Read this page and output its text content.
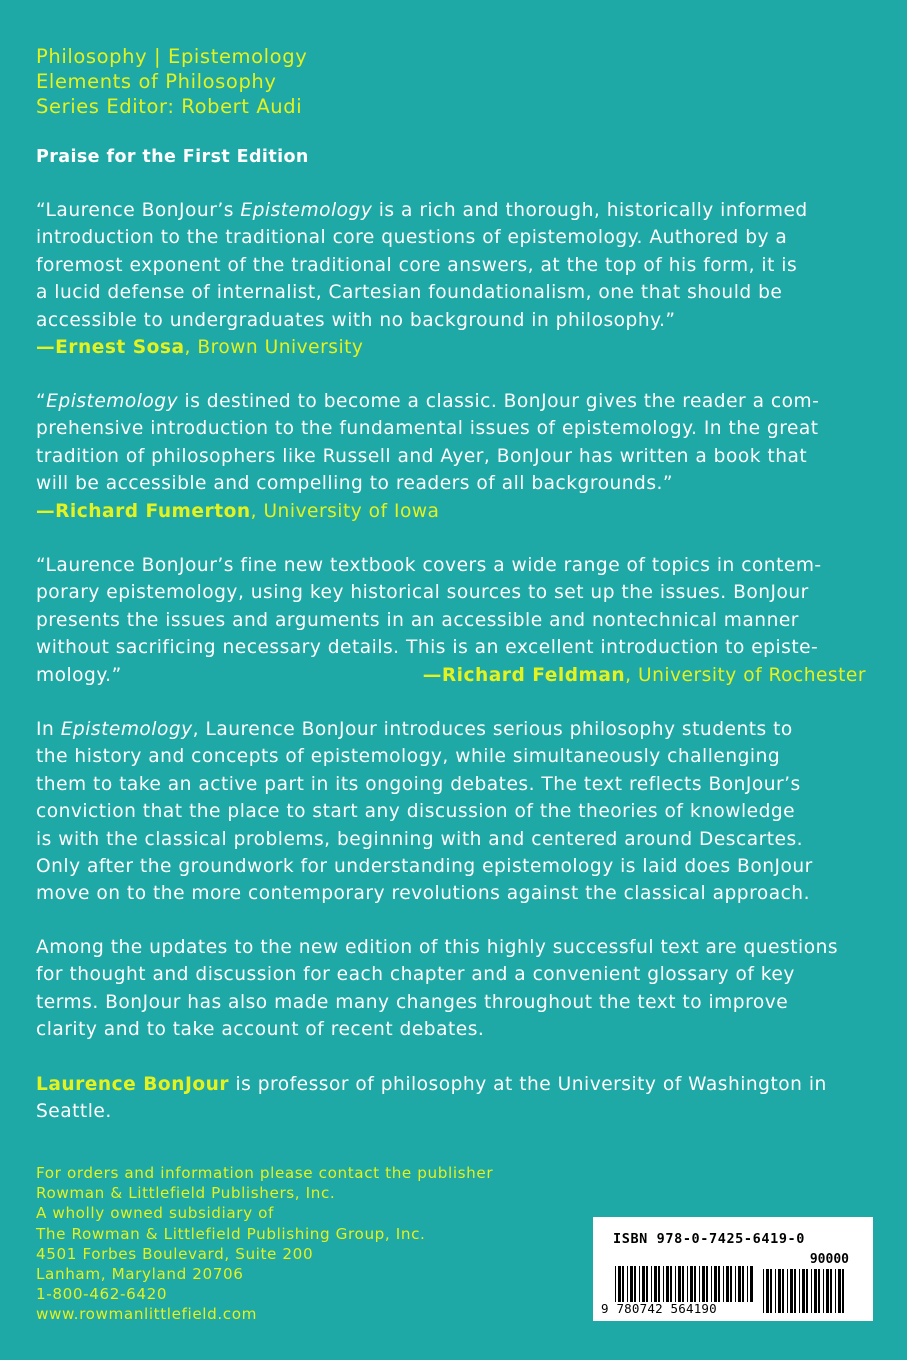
Philosophy | Epistemology
Elements of Philosophy
Series Editor: Robert Audi
Praise for the First Edition
“Laurence BonJour’s Epistemology is a rich and thorough, historically informed
introduction to the traditional core questions of epistemology. Authored by a
foremost exponent of the traditional core answers, at the top of his form, it is
a lucid defense of internalist, Cartesian foundationalism, one that should be
accessible to undergraduates with no background in philosophy.”
—Ernest Sosa, Brown University
“Epistemology is destined to become a classic. BonJour gives the reader a com-
prehensive introduction to the fundamental issues of epistemology. In the great
tradition of philosophers like Russell and Ayer, BonJour has written a book that
will be accessible and compelling to readers of all backgrounds.”
—Richard Fumerton, University of Iowa
“Laurence BonJour’s fine new textbook covers a wide range of topics in contem-
porary epistemology, using key historical sources to set up the issues. BonJour
presents the issues and arguments in an accessible and nontechnical manner
without sacrificing necessary details. This is an excellent introduction to episte-
mology.”	—Richard Feldman, University of Rochester
In Epistemology, Laurence BonJour introduces serious philosophy students to
the history and concepts of epistemology, while simultaneously challenging
them to take an active part in its ongoing debates. The text reflects BonJour’s
conviction that the place to start any discussion of the theories of knowledge
is with the classical problems, beginning with and centered around Descartes.
Only after the groundwork for understanding epistemology is laid does BonJour
move on to the more contemporary revolutions against the classical approach.
Among the updates to the new edition of this highly successful text are questions
for thought and discussion for each chapter and a convenient glossary of key
terms. BonJour has also made many changes throughout the text to improve
clarity and to take account of recent debates.
Laurence BonJour is professor of philosophy at the University of Washington in
Seattle.
For orders and information please contact the publisher
Rowman & Littlefield Publishers, Inc.
A wholly owned subsidiary of
The Rowman & Littlefield Publishing Group, Inc.
4501 Forbes Boulevard, Suite 200
Lanham, Maryland 20706
1-800-462-6420
www.rowmanlittlefield.com
ISBN 978-0-7425-6419-0
90000
9 780742 564190
